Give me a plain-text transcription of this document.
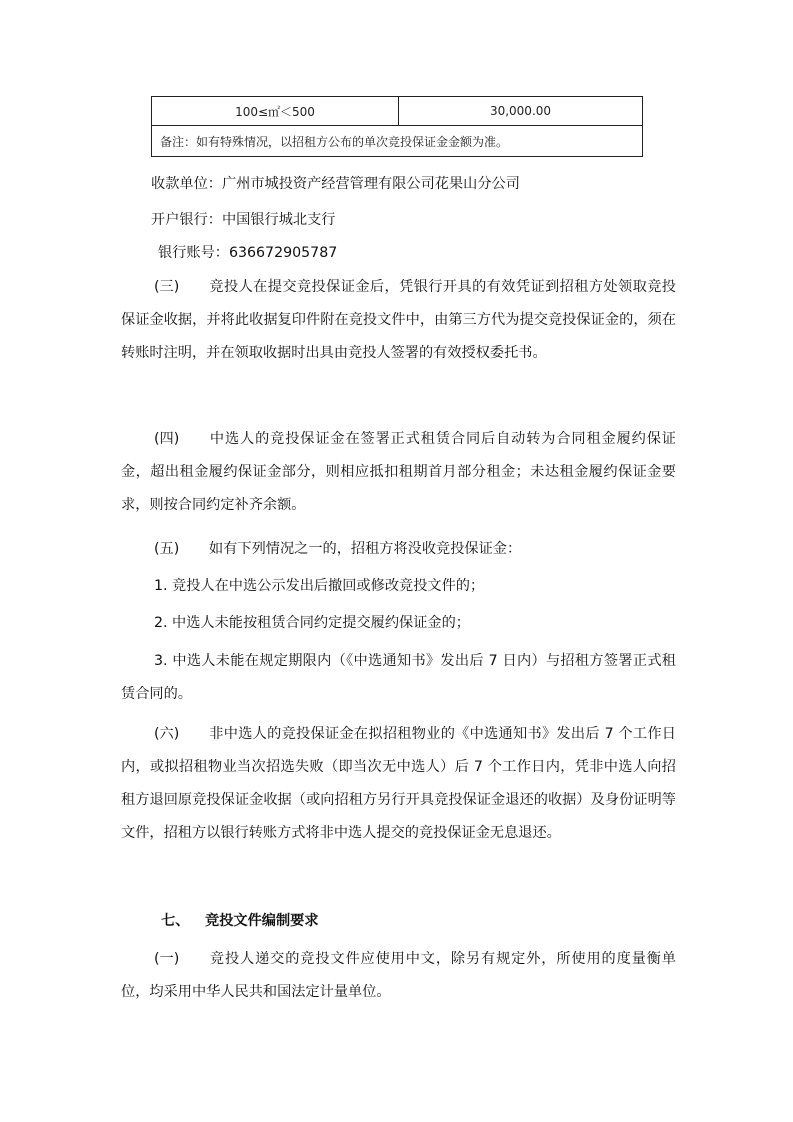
100≤㎡＜500	30,000.00
备注：如有特殊情况，以招租方公布的单次竞投保证金金额为准。
收款单位：广州市城投资产经营管理有限公司花果山分公司
开户银行：中国银行城北支行
银行账号：636672905787
(三) 竞投人在提交竞投保证金后，凭银行开具的有效凭证到招租方处领取竞投保证金收据，并将此收据复印件附在竞投文件中，由第三方代为提交竞投保证金的，须在转账时注明，并在领取收据时出具由竞投人签署的有效授权委托书。
(四) 中选人的竞投保证金在签署正式租赁合同后自动转为合同租金履约保证金，超出租金履约保证金部分，则相应抵扣租期首月部分租金；未达租金履约保证金要求，则按合同约定补齐余额。
(五) 如有下列情况之一的，招租方将没收竞投保证金：
1. 竞投人在中选公示发出后撤回或修改竞投文件的；
2. 中选人未能按租赁合同约定提交履约保证金的；
3. 中选人未能在规定期限内（《中选通知书》发出后 7 日内）与招租方签署正式租赁合同的。
(六) 非中选人的竞投保证金在拟招租物业的《中选通知书》发出后 7 个工作日内，或拟招租物业当次招选失败（即当次无中选人）后 7 个工作日内，凭非中选人向招租方退回原竞投保证金收据（或向招租方另行开具竞投保证金退还的收据）及身份证明等文件，招租方以银行转账方式将非中选人提交的竞投保证金无息退还。
七、 竞投文件编制要求
(一) 竞投人递交的竞投文件应使用中文，除另有规定外，所使用的度量衡单位，均采用中华人民共和国法定计量单位。
